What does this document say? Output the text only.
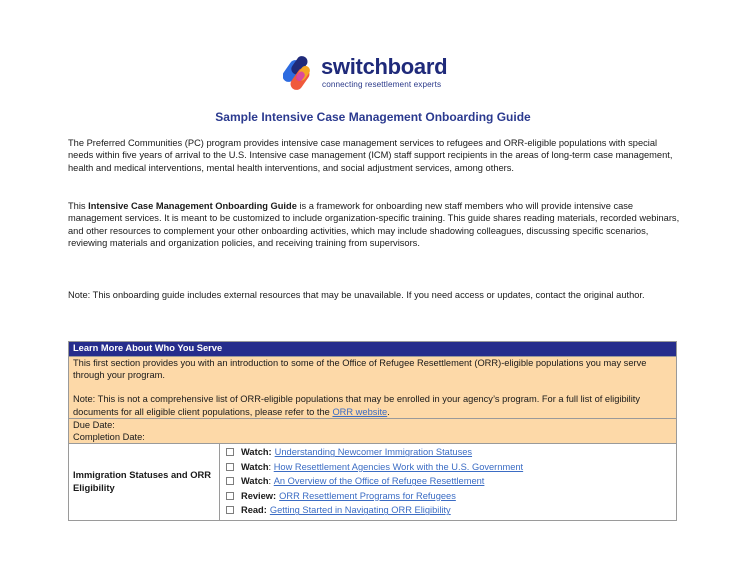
switchboard
connecting resettlement experts
Sample Intensive Case Management Onboarding Guide
The Preferred Communities (PC) program provides intensive case management services to refugees and ORR-eligible populations with special needs within five years of arrival to the U.S. Intensive case management (ICM) staff support recipients in the areas of long-term case management, health and medical interventions, mental health interventions, and social adjustment services, among others.
This Intensive Case Management Onboarding Guide is a framework for onboarding new staff members who will provide intensive case management services. It is meant to be customized to include organization-specific training. This guide shares reading materials, recorded webinars, and other resources to complement your other onboarding activities, which may include shadowing colleagues, discussing specific scenarios, reviewing materials and organization policies, and receiving training from supervisors.
Note: This onboarding guide includes external resources that may be unavailable. If you need access or updates, contact the original author.
Learn More About Who You Serve

This first section provides you with an introduction to some of the Office of Refugee Resettlement (ORR)-eligible populations you may serve through your program.

Note: This is not a comprehensive list of ORR-eligible populations that may be enrolled in your agency’s program. For a full list of eligibility documents for all eligible client populations, please refer to the ORR website.

Due Date:
Completion Date:

Immigration Statuses and ORR Eligibility	
Watch: Understanding Newcomer Immigration Statuses
Watch : How Resettlement Agencies Work with the U.S. Government
Watch : An Overview of the Office of Refugee Resettlement
Review: ORR Resettlement Programs for Refugees
Read: Getting Started in Navigating ORR Eligibility
